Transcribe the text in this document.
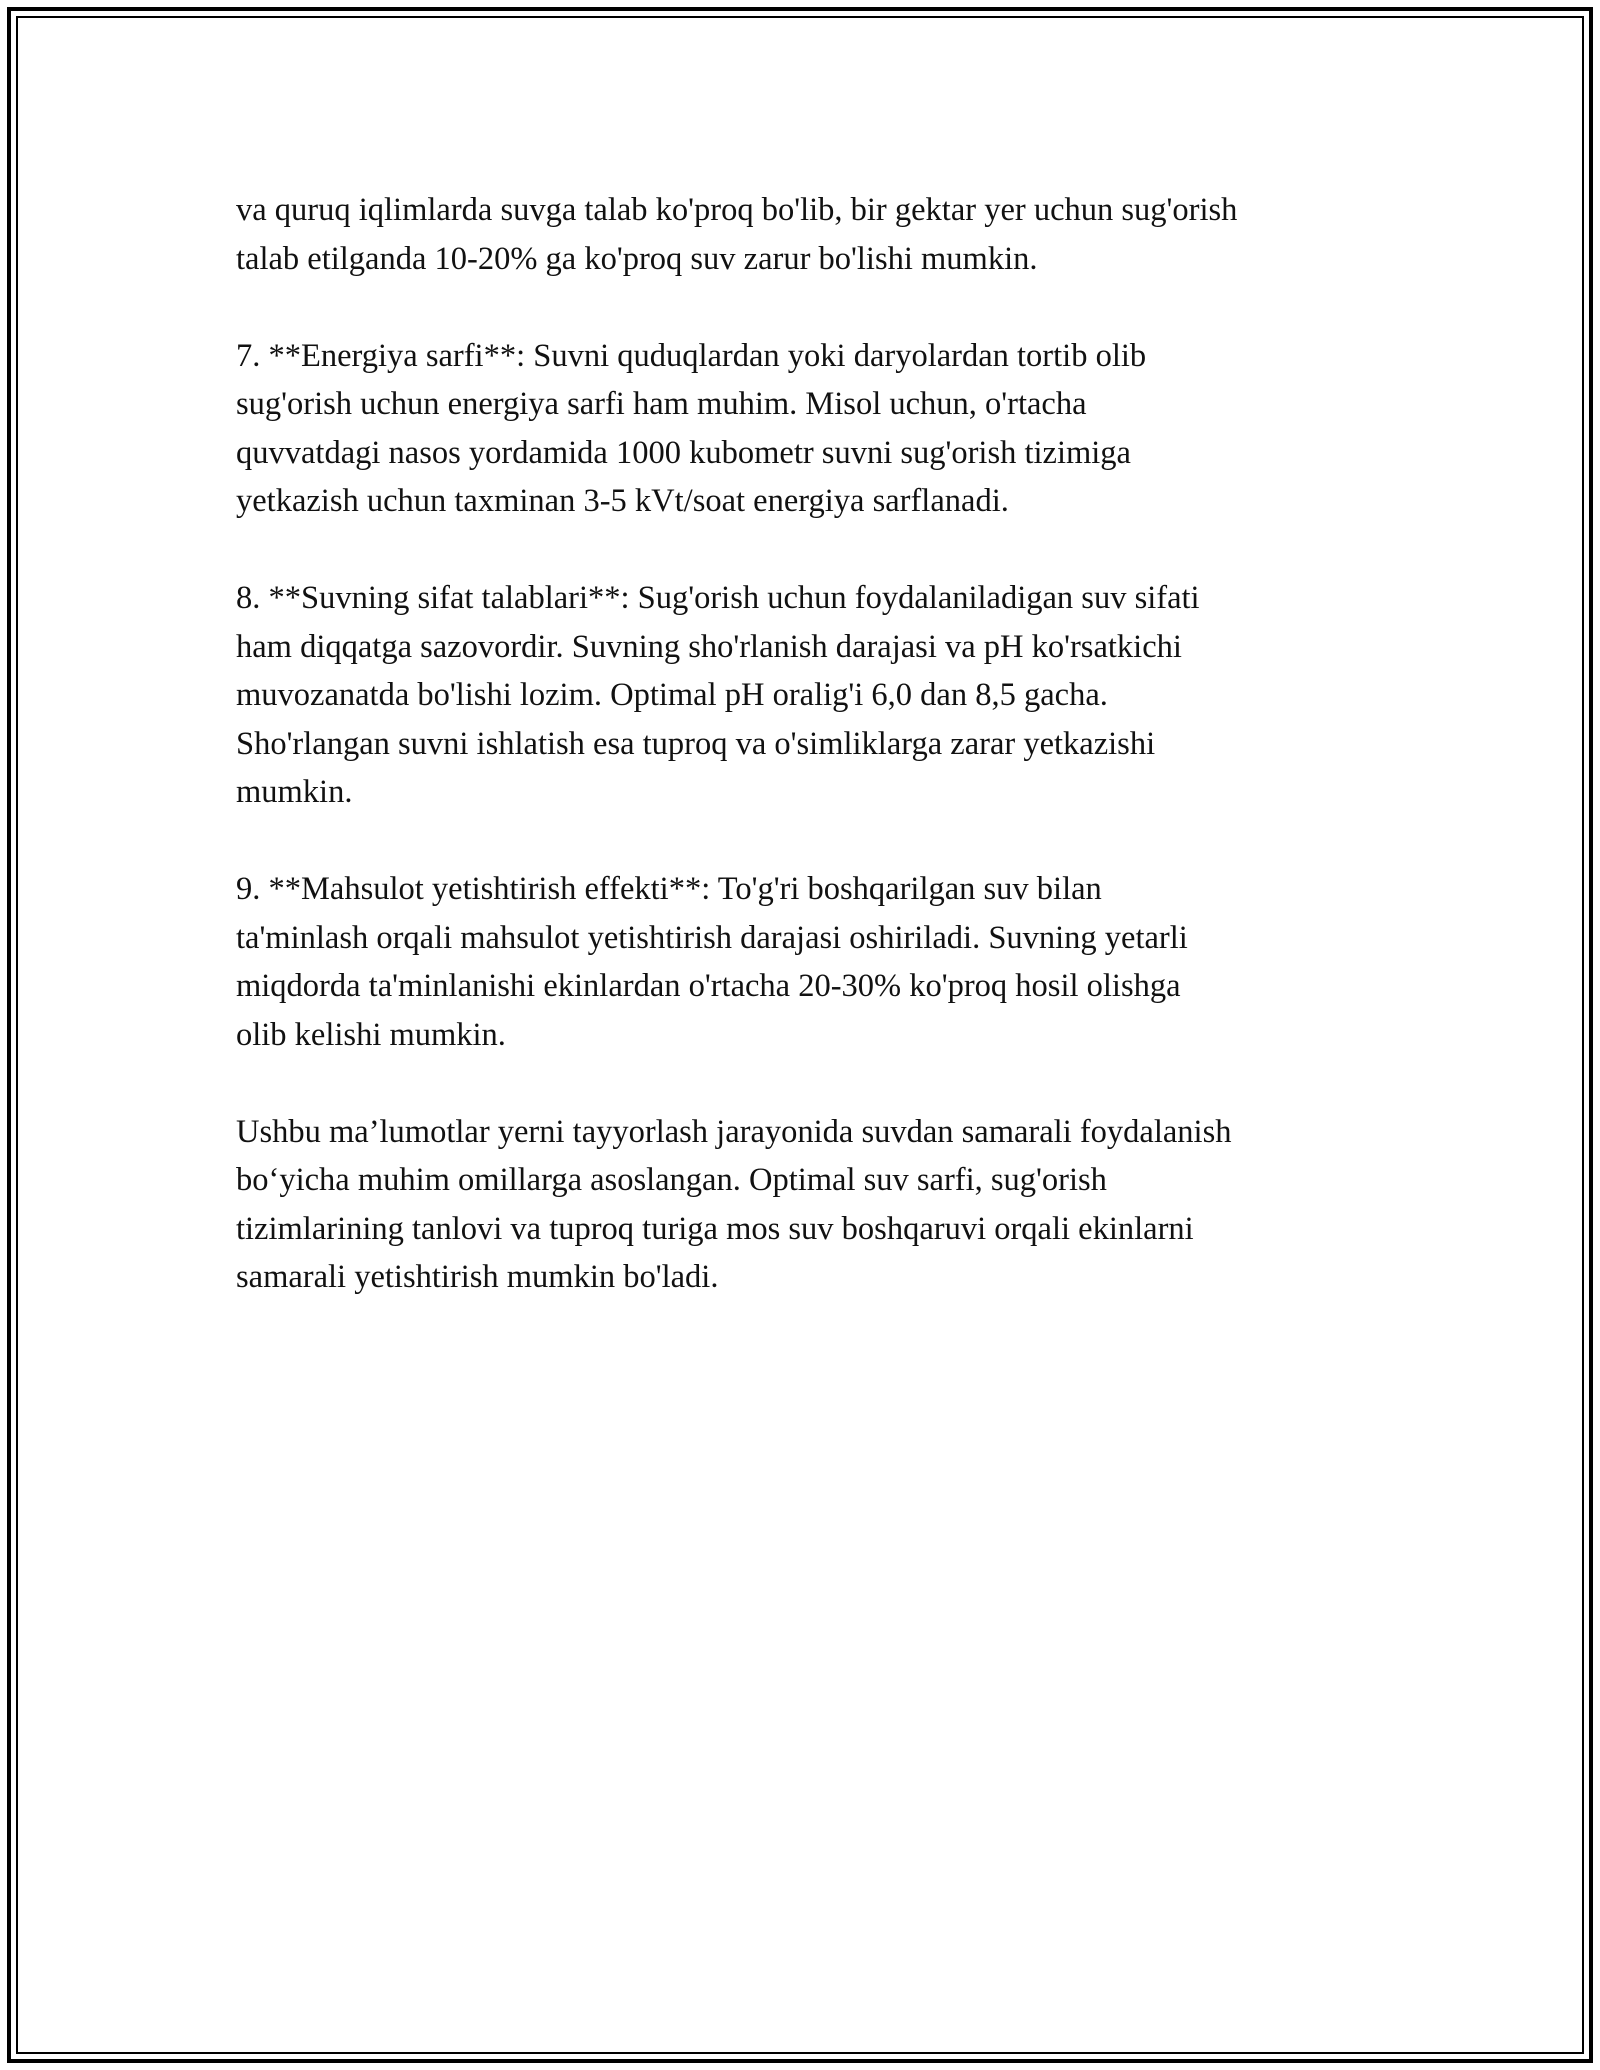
va quruq iqlimlarda suvga talab ko'proq bo'lib, bir gektar yer uchun sug'orish
talab etilganda 10-20% ga ko'proq suv zarur bo'lishi mumkin.

7. **Energiya sarfi**: Suvni quduqlardan yoki daryolardan tortib olib
sug'orish uchun energiya sarfi ham muhim. Misol uchun, o'rtacha
quvvatdagi nasos yordamida 1000 kubometr suvni sug'orish tizimiga
yetkazish uchun taxminan 3-5 kVt/soat energiya sarflanadi.

8. **Suvning sifat talablari**: Sug'orish uchun foydalaniladigan suv sifati
ham diqqatga sazovordir. Suvning sho'rlanish darajasi va pH ko'rsatkichi
muvozanatda bo'lishi lozim. Optimal pH oralig'i 6,0 dan 8,5 gacha.
Sho'rlangan suvni ishlatish esa tuproq va o'simliklarga zarar yetkazishi
mumkin.

9. **Mahsulot yetishtirish effekti**: To'g'ri boshqarilgan suv bilan
ta'minlash orqali mahsulot yetishtirish darajasi oshiriladi. Suvning yetarli
miqdorda ta'minlanishi ekinlardan o'rtacha 20-30% ko'proq hosil olishga
olib kelishi mumkin.

Ushbu ma’lumotlar yerni tayyorlash jarayonida suvdan samarali foydalanish
bo‘yicha muhim omillarga asoslangan. Optimal suv sarfi, sug'orish
tizimlarining tanlovi va tuproq turiga mos suv boshqaruvi orqali ekinlarni
samarali yetishtirish mumkin bo'ladi.
